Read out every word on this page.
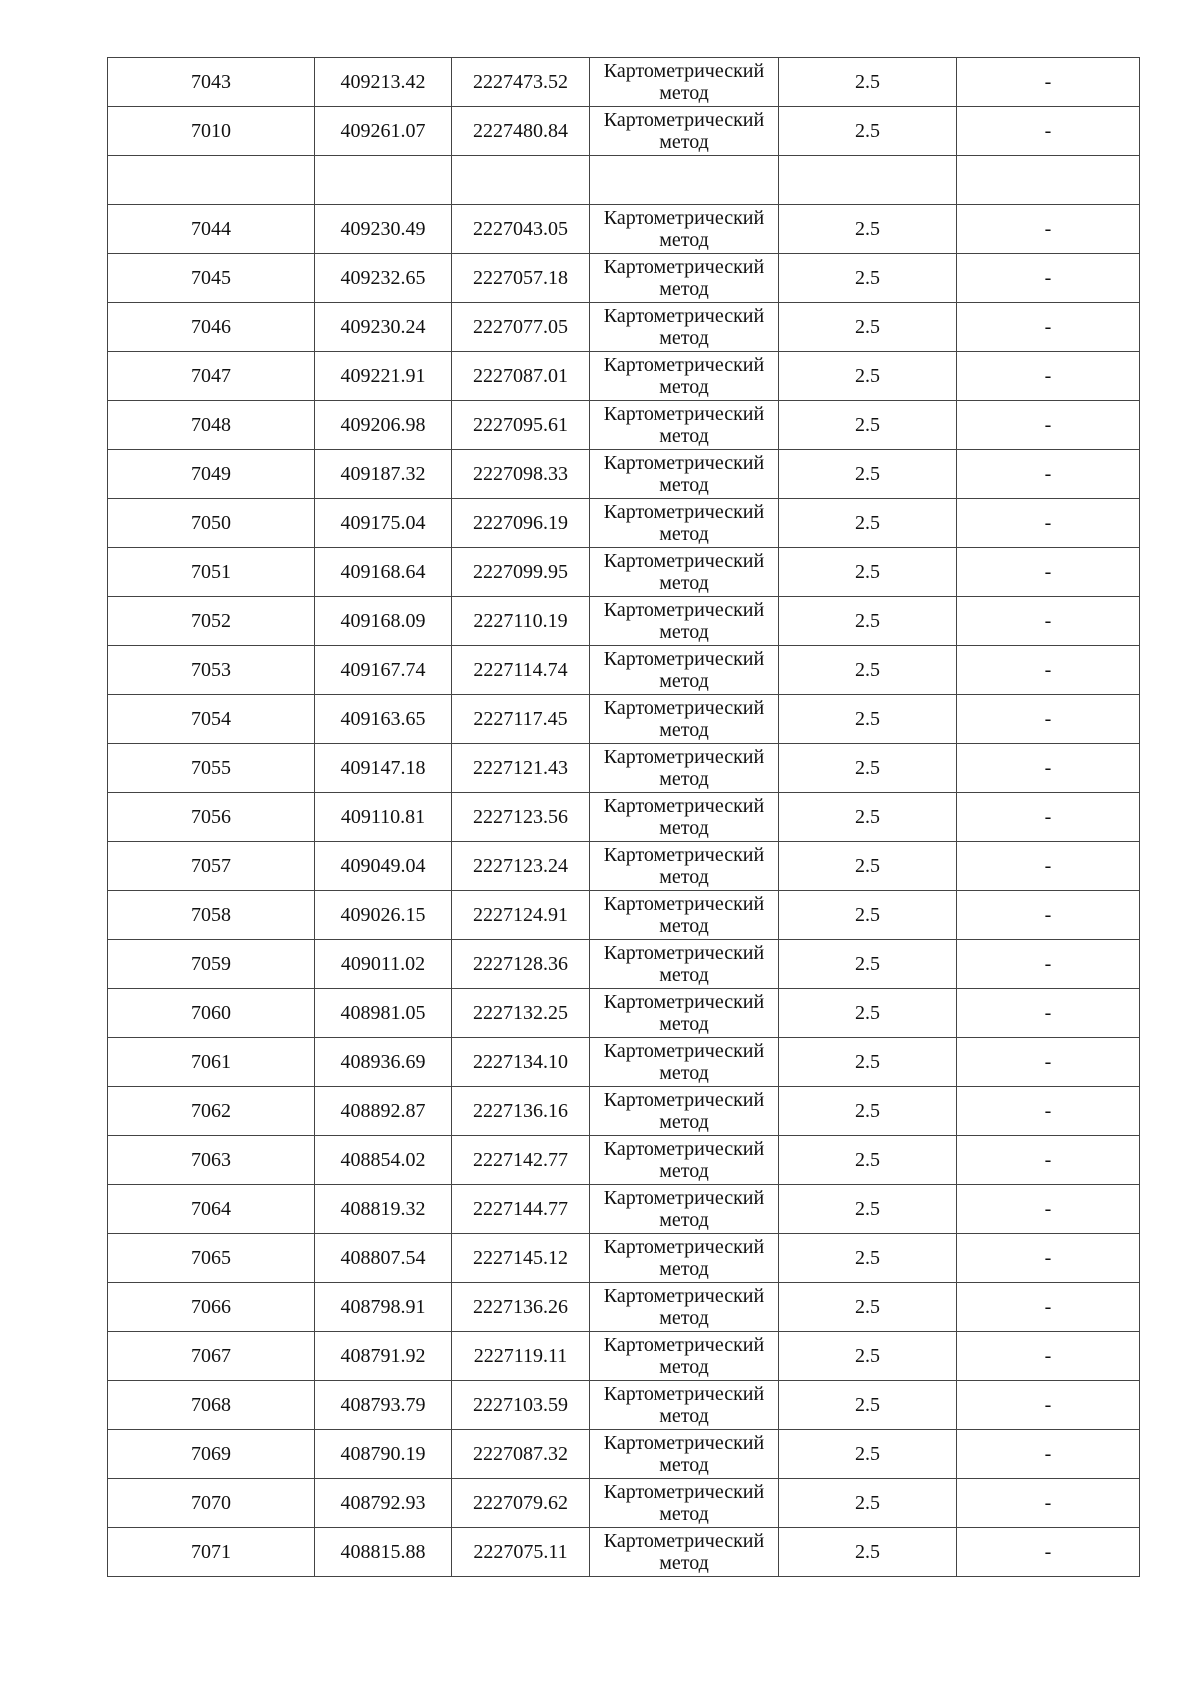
7043	409213.42	2227473.52	Картометрический метод	2.5	-
7010	409261.07	2227480.84	Картометрический метод	2.5	-

7044	409230.49	2227043.05	Картометрический метод	2.5	-
7045	409232.65	2227057.18	Картометрический метод	2.5	-
7046	409230.24	2227077.05	Картометрический метод	2.5	-
7047	409221.91	2227087.01	Картометрический метод	2.5	-
7048	409206.98	2227095.61	Картометрический метод	2.5	-
7049	409187.32	2227098.33	Картометрический метод	2.5	-
7050	409175.04	2227096.19	Картометрический метод	2.5	-
7051	409168.64	2227099.95	Картометрический метод	2.5	-
7052	409168.09	2227110.19	Картометрический метод	2.5	-
7053	409167.74	2227114.74	Картометрический метод	2.5	-
7054	409163.65	2227117.45	Картометрический метод	2.5	-
7055	409147.18	2227121.43	Картометрический метод	2.5	-
7056	409110.81	2227123.56	Картометрический метод	2.5	-
7057	409049.04	2227123.24	Картометрический метод	2.5	-
7058	409026.15	2227124.91	Картометрический метод	2.5	-
7059	409011.02	2227128.36	Картометрический метод	2.5	-
7060	408981.05	2227132.25	Картометрический метод	2.5	-
7061	408936.69	2227134.10	Картометрический метод	2.5	-
7062	408892.87	2227136.16	Картометрический метод	2.5	-
7063	408854.02	2227142.77	Картометрический метод	2.5	-
7064	408819.32	2227144.77	Картометрический метод	2.5	-
7065	408807.54	2227145.12	Картометрический метод	2.5	-
7066	408798.91	2227136.26	Картометрический метод	2.5	-
7067	408791.92	2227119.11	Картометрический метод	2.5	-
7068	408793.79	2227103.59	Картометрический метод	2.5	-
7069	408790.19	2227087.32	Картометрический метод	2.5	-
7070	408792.93	2227079.62	Картометрический метод	2.5	-
7071	408815.88	2227075.11	Картометрический метод	2.5	-
